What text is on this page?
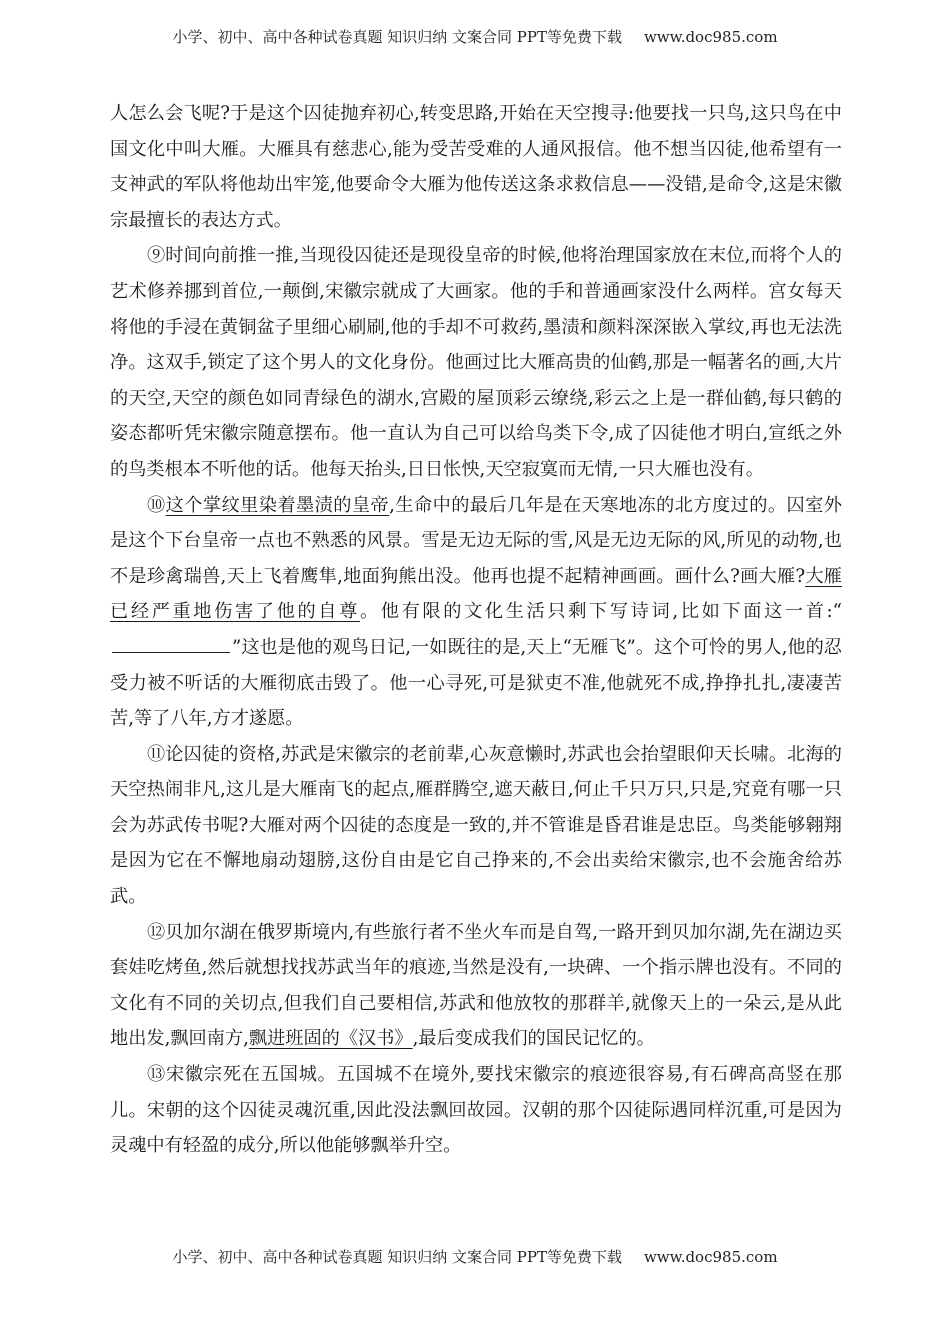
小学、初中、高中各种试卷真题 知识归纳 文案合同 PPT等免费下载 www.doc985.com

人怎么会飞呢?于是这个囚徒抛弃初心,转变思路,开始在天空搜寻:他要找一只鸟,这只鸟在中国文化中叫大雁。大雁具有慈悲心,能为受苦受难的人通风报信。他不想当囚徒,他希望有一支神武的军队将他劫出牢笼,他要命令大雁为他传送这条求救信息——没错,是命令,这是宋徽宗最擅长的表达方式。

⑨时间向前推一推,当现役囚徒还是现役皇帝的时候,他将治理国家放在末位,而将个人的艺术修养挪到首位,一颠倒,宋徽宗就成了大画家。他的手和普通画家没什么两样。宫女每天将他的手浸在黄铜盆子里细心刷刷,他的手却不可救药,墨渍和颜料深深嵌入掌纹,再也无法洗净。这双手,锁定了这个男人的文化身份。他画过比大雁高贵的仙鹤,那是一幅著名的画,大片的天空,天空的颜色如同青绿色的湖水,宫殿的屋顶彩云缭绕,彩云之上是一群仙鹤,每只鹤的姿态都听凭宋徽宗随意摆布。他一直认为自己可以给鸟类下令,成了囚徒他才明白,宣纸之外的鸟类根本不听他的话。他每天抬头,日日怅怏,天空寂寞而无情,一只大雁也没有。

⑩这个掌纹里染着墨渍的皇帝,生命中的最后几年是在天寒地冻的北方度过的。囚室外是这个下台皇帝一点也不熟悉的风景。雪是无边无际的雪,风是无边无际的风,所见的动物,也不是珍禽瑞兽,天上飞着鹰隼,地面狗熊出没。他再也提不起精神画画。画什么?画大雁?大雁已经严重地伤害了他的自尊。他有限的文化生活只剩下写诗词,比如下面这一首:“”这也是他的观鸟日记,一如既往的是,天上“无雁飞”。这个可怜的男人,他的忍受力被不听话的大雁彻底击毁了。他一心寻死,可是狱吏不准,他就死不成,挣挣扎扎,凄凄苦苦,等了八年,方才遂愿。

⑪论囚徒的资格,苏武是宋徽宗的老前辈,心灰意懒时,苏武也会抬望眼仰天长啸。北海的天空热闹非凡,这儿是大雁南飞的起点,雁群腾空,遮天蔽日,何止千只万只,只是,究竟有哪一只会为苏武传书呢?大雁对两个囚徒的态度是一致的,并不管谁是昏君谁是忠臣。鸟类能够翱翔是因为它在不懈地扇动翅膀,这份自由是它自己挣来的,不会出卖给宋徽宗,也不会施舍给苏武。

⑫贝加尔湖在俄罗斯境内,有些旅行者不坐火车而是自驾,一路开到贝加尔湖,先在湖边买套娃吃烤鱼,然后就想找找苏武当年的痕迹,当然是没有,一块碑、一个指示牌也没有。不同的文化有不同的关切点,但我们自己要相信,苏武和他放牧的那群羊,就像天上的一朵云,是从此地出发,飘回南方,飘进班固的《汉书》,最后变成我们的国民记忆的。

⑬宋徽宗死在五国城。五国城不在境外,要找宋徽宗的痕迹很容易,有石碑高高竖在那儿。宋朝的这个囚徒灵魂沉重,因此没法飘回故园。汉朝的那个囚徒际遇同样沉重,可是因为灵魂中有轻盈的成分,所以他能够飘举升空。

小学、初中、高中各种试卷真题 知识归纳 文案合同 PPT等免费下载 www.doc985.com
